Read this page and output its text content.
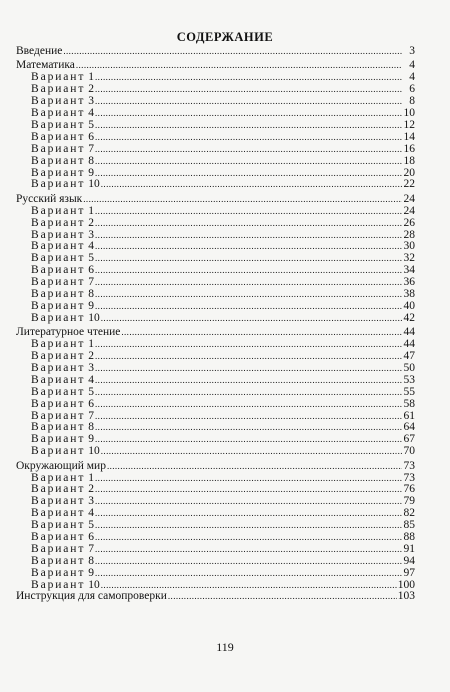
СОДЕРЖАНИЕ
Введение .....	3
Математика .....	4
Вариант 1 .....	4
Вариант 2 .....	6
Вариант 3 .....	8
Вариант 4 .....	10
Вариант 5 .....	12
Вариант 6 .....	14
Вариант 7 .....	16
Вариант 8 .....	18
Вариант 9 .....	20
Вариант 10 .....	22
Русский язык .....	24
Вариант 1 .....	24
Вариант 2 .....	26
Вариант 3 .....	28
Вариант 4 .....	30
Вариант 5 .....	32
Вариант 6 .....	34
Вариант 7 .....	36
Вариант 8 .....	38
Вариант 9 .....	40
Вариант 10 .....	42
Литературное чтение .....	44
Вариант 1 .....	44
Вариант 2 .....	47
Вариант 3 .....	50
Вариант 4 .....	53
Вариант 5 .....	55
Вариант 6 .....	58
Вариант 7 .....	61
Вариант 8 .....	64
Вариант 9 .....	67
Вариант 10 .....	70
Окружающий мир .....	73
Вариант 1 .....	73
Вариант 2 .....	76
Вариант 3 .....	79
Вариант 4 .....	82
Вариант 5 .....	85
Вариант 6 .....	88
Вариант 7 .....	91
Вариант 8 .....	94
Вариант 9 .....	97
Вариант 10 .....	100
Инструкция для самопроверки .....	103
119
